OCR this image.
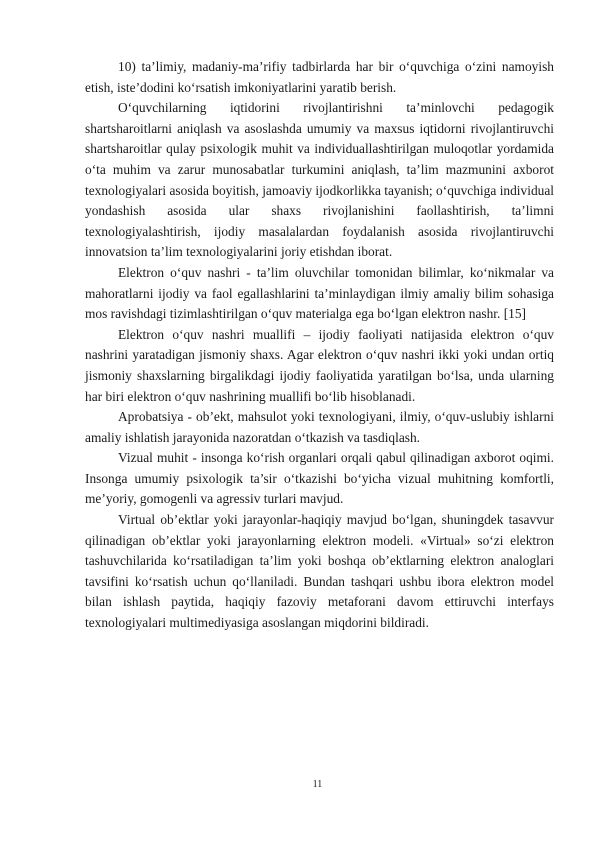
10) ta’limiy, madaniy-ma’rifiy tadbirlarda har bir o‘quvchiga o‘zini namoyish etish, iste’dodini ko‘rsatish imkoniyatlarini yaratib berish.

O‘quvchilarning iqtidorini rivojlantirishni ta’minlovchi pedagogik shartsharoitlarni aniqlash va asoslashda umumiy va maxsus iqtidorni rivojlantiruvchi shartsharoitlar qulay psixologik muhit va individuallashtirilgan muloqotlar yordamida o‘ta muhim va zarur munosabatlar turkumini aniqlash, ta’lim mazmunini axborot texnologiyalari asosida boyitish, jamoaviy ijodkorlikka tayanish; o‘quvchiga individual yondashish asosida ular shaxs rivojlanishini faollashtirish, ta’limni texnologiyalashtirish, ijodiy masalalardan foydalanish asosida rivojlantiruvchi innovatsion ta’lim texnologiyalarini joriy etishdan iborat.

Elektron o‘quv nashri - ta’lim oluvchilar tomonidan bilimlar, ko‘nikmalar va mahoratlarni ijodiy va faol egallashlarini ta’minlaydigan ilmiy amaliy bilim sohasiga mos ravishdagi tizimlashtirilgan o‘quv materialga ega bo‘lgan elektron nashr. [15]

Elektron o‘quv nashri muallifi – ijodiy faoliyati natijasida elektron o‘quv nashrini yaratadigan jismoniy shaxs. Agar elektron o‘quv nashri ikki yoki undan ortiq jismoniy shaxslarning birgalikdagi ijodiy faoliyatida yaratilgan bo‘lsa, unda ularning har biri elektron o‘quv nashrining muallifi bo‘lib hisoblanadi.

Aprobatsiya - ob’ekt, mahsulot yoki texnologiyani, ilmiy, o‘quv-uslubiy ishlarni amaliy ishlatish jarayonida nazoratdan o‘tkazish va tasdiqlash.

Vizual muhit - insonga ko‘rish organlari orqali qabul qilinadigan axborot oqimi. Insonga umumiy psixologik ta’sir o‘tkazishi bo‘yicha vizual muhitning komfortli, me’yoriy, gomogenli va agressiv turlari mavjud.

Virtual ob’ektlar yoki jarayonlar-haqiqiy mavjud bo‘lgan, shuningdek tasavvur qilinadigan ob’ektlar yoki jarayonlarning elektron modeli. «Virtual» so‘zi elektron tashuvchilarida ko‘rsatiladigan ta’lim yoki boshqa ob’ektlarning elektron analoglari tavsifini ko‘rsatish uchun qo‘llaniladi. Bundan tashqari ushbu ibora elektron model bilan ishlash paytida, haqiqiy fazoviy metaforani davom ettiruvchi interfays texnologiyalari multimediyasiga asoslangan miqdorini bildiradi.

11
